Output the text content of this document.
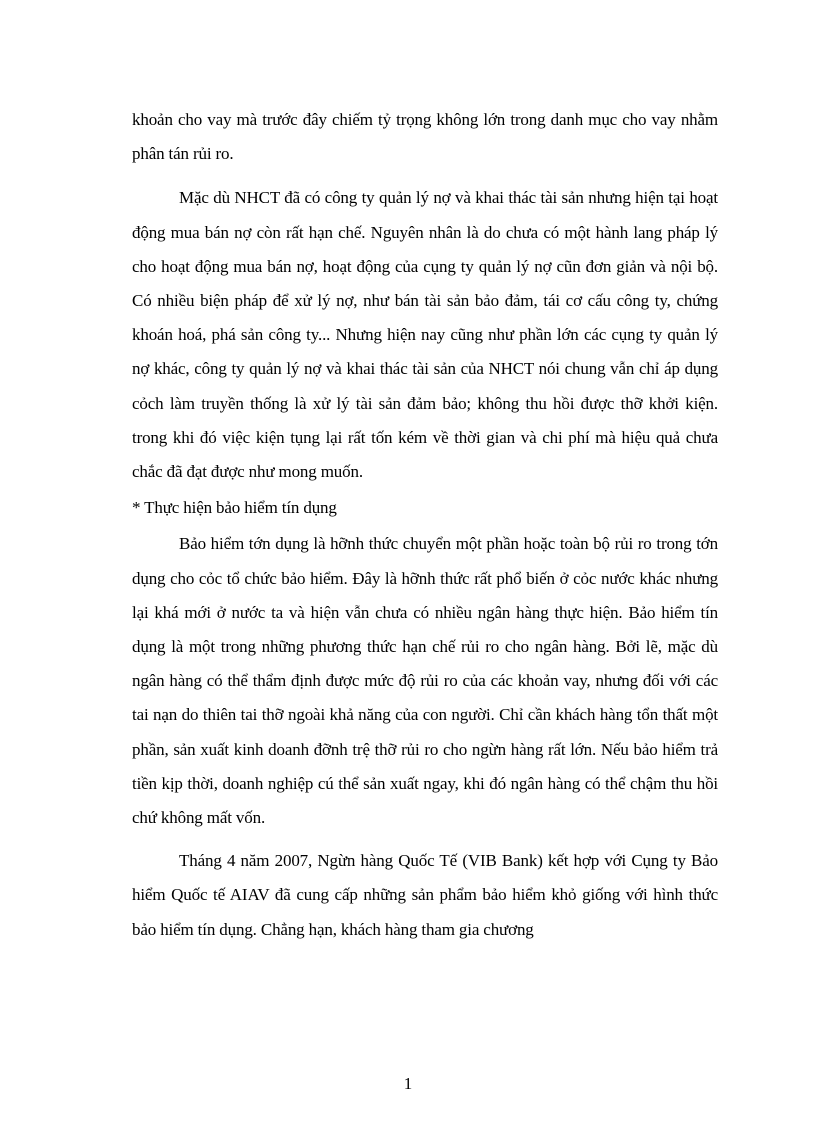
khoản cho vay mà trước đây chiếm tỷ trọng không lớn trong danh mục cho vay nhằm phân tán rủi ro.

Mặc dù NHCT đã có công ty quản lý nợ và khai thác tài sản nhưng hiện tại hoạt động mua bán nợ còn rất hạn chế. Nguyên nhân là do chưa có một hành lang pháp lý cho hoạt động mua bán nợ, hoạt động của cụng ty quản lý nợ cũn đơn giản và nội bộ. Có nhiều biện pháp để xử lý nợ, như bán tài sản bảo đảm, tái cơ cấu công ty, chứng khoán hoá, phá sản công ty... Nhưng hiện nay cũng như phần lớn các cụng ty quản lý nợ khác, công ty quản lý nợ và khai thác tài sản của NHCT nói chung vẫn chỉ áp dụng cỏch làm truyền thống là xử lý tài sản đảm bảo; không thu hồi được thỡ khởi kiện. trong khi đó việc kiện tụng lại rất tốn kém về thời gian và chi phí mà hiệu quả chưa chắc đã đạt được như mong muốn.

* Thực hiện bảo hiểm tín dụng

Bảo hiểm tớn dụng là hỡnh thức chuyển một phần hoặc toàn bộ rủi ro trong tớn dụng cho cỏc tổ chức bảo hiểm. Đây là hỡnh thức rất phổ biến ở cỏc nước khác nhưng lại khá mới ở nước ta và hiện vẫn chưa có nhiều ngân hàng thực hiện. Bảo hiểm tín dụng là một trong những phương thức hạn chế rủi ro cho ngân hàng. Bởi lẽ, mặc dù ngân hàng có thể thẩm định được mức độ rủi ro của các khoản vay, nhưng đối với các tai nạn do thiên tai thỡ ngoài khả năng của con người. Chỉ cần khách hàng tổn thất một phần, sản xuất kinh doanh đỡnh trệ thỡ rủi ro cho ngừn hàng rất lớn. Nếu bảo hiểm trả tiền kịp thời, doanh nghiệp cú thể sản xuất ngay, khi đó ngân hàng có thể chậm thu hồi chứ không mất vốn.

Tháng 4 năm 2007, Ngừn hàng Quốc Tế (VIB Bank) kết hợp với Cụng ty Bảo hiểm Quốc tế AIAV đã cung cấp những sản phẩm bảo hiểm khỏ giống với hình thức bảo hiểm tín dụng. Chẳng hạn, khách hàng tham gia chương

1
